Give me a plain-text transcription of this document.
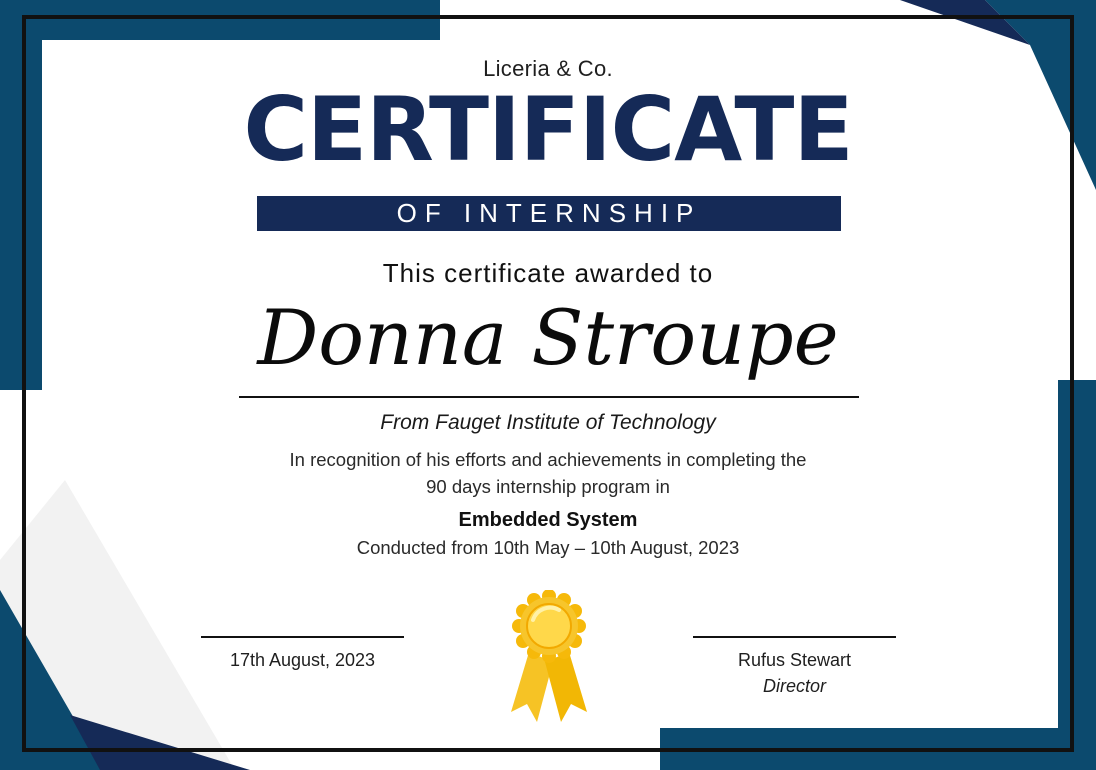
Liceria & Co.
CERTIFICATE
OF INTERNSHIP
This certificate awarded to
Donna Stroupe
From Fauget Institute of Technology
In recognition of his efforts and achievements in completing the
90 days internship program in
Embedded System
Conducted from 10th May – 10th August, 2023
17th August, 2023	Rufus Stewart
Director
